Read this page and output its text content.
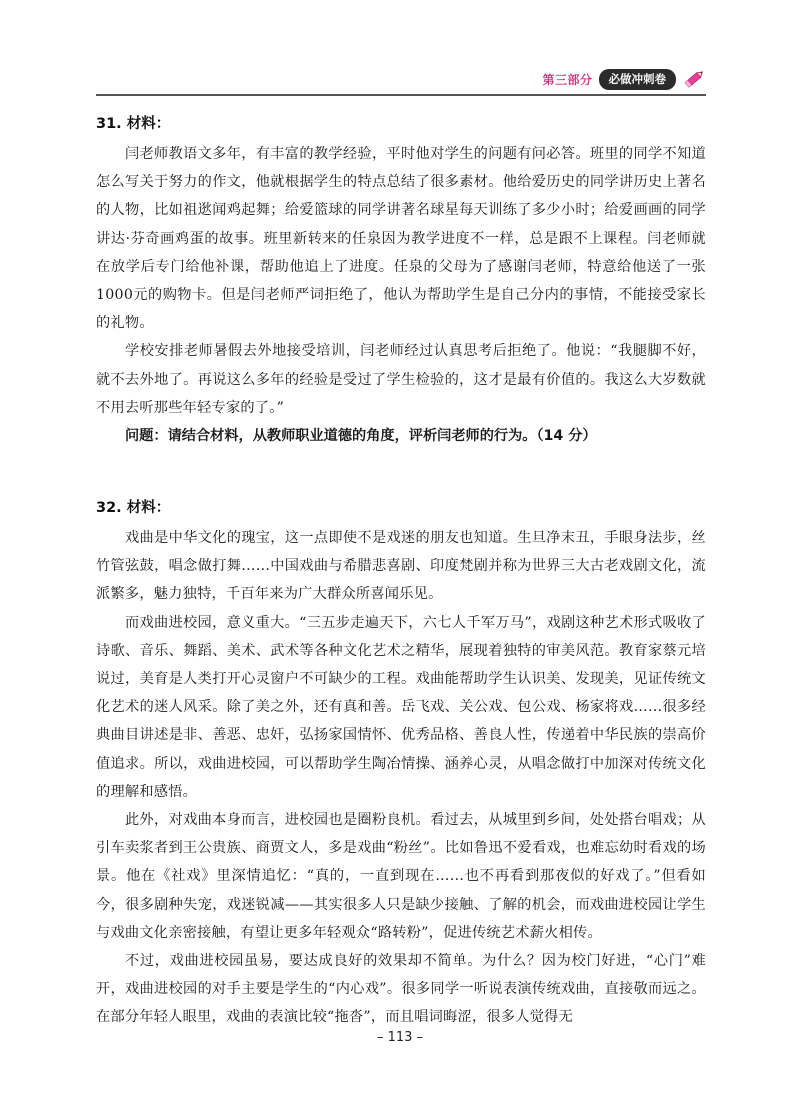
第三部分	必做冲刺卷

31. 材料：

闫老师教语文多年，有丰富的教学经验，平时他对学生的问题有问必答。班里的同学不知道怎么写关于努力的作文，他就根据学生的特点总结了很多素材。他给爱历史的同学讲历史上著名的人物，比如祖逖闻鸡起舞；给爱篮球的同学讲著名球星每天训练了多少小时；给爱画画的同学讲达·芬奇画鸡蛋的故事。班里新转来的任泉因为教学进度不一样，总是跟不上课程。闫老师就在放学后专门给他补课，帮助他追上了进度。任泉的父母为了感谢闫老师，特意给他送了一张1000元的购物卡。但是闫老师严词拒绝了，他认为帮助学生是自己分内的事情，不能接受家长的礼物。

学校安排老师暑假去外地接受培训，闫老师经过认真思考后拒绝了。他说：“我腿脚不好，就不去外地了。再说这么多年的经验是受过了学生检验的，这才是最有价值的。我这么大岁数就不用去听那些年轻专家的了。”

问题：请结合材料，从教师职业道德的角度，评析闫老师的行为。（14 分）

32. 材料：

戏曲是中华文化的瑰宝，这一点即使不是戏迷的朋友也知道。生旦净末丑，手眼身法步，丝竹管弦鼓，唱念做打舞……中国戏曲与希腊悲喜剧、印度梵剧并称为世界三大古老戏剧文化，流派繁多，魅力独特，千百年来为广大群众所喜闻乐见。

而戏曲进校园，意义重大。“三五步走遍天下，六七人千军万马”，戏剧这种艺术形式吸收了诗歌、音乐、舞蹈、美术、武术等各种文化艺术之精华，展现着独特的审美风范。教育家蔡元培说过，美育是人类打开心灵窗户不可缺少的工程。戏曲能帮助学生认识美、发现美，见证传统文化艺术的迷人风采。除了美之外，还有真和善。岳飞戏、关公戏、包公戏、杨家将戏……很多经典曲目讲述是非、善恶、忠奸，弘扬家国情怀、优秀品格、善良人性，传递着中华民族的崇高价值追求。所以，戏曲进校园，可以帮助学生陶冶情操、涵养心灵，从唱念做打中加深对传统文化的理解和感悟。

此外，对戏曲本身而言，进校园也是圈粉良机。看过去，从城里到乡间，处处搭台唱戏；从引车卖浆者到王公贵族、商贾文人，多是戏曲“粉丝”。比如鲁迅不爱看戏，也难忘幼时看戏的场景。他在《社戏》里深情追忆：“真的，一直到现在……也不再看到那夜似的好戏了。”但看如今，很多剧种失宠，戏迷锐减——其实很多人只是缺少接触、了解的机会，而戏曲进校园让学生与戏曲文化亲密接触，有望让更多年轻观众“路转粉”，促进传统艺术薪火相传。

不过，戏曲进校园虽易，要达成良好的效果却不简单。为什么？因为校门好进，“心门”难开，戏曲进校园的对手主要是学生的“内心戏”。很多同学一听说表演传统戏曲，直接敬而远之。在部分年轻人眼里，戏曲的表演比较“拖沓”，而且唱词晦涩，很多人觉得无

– 113 –
